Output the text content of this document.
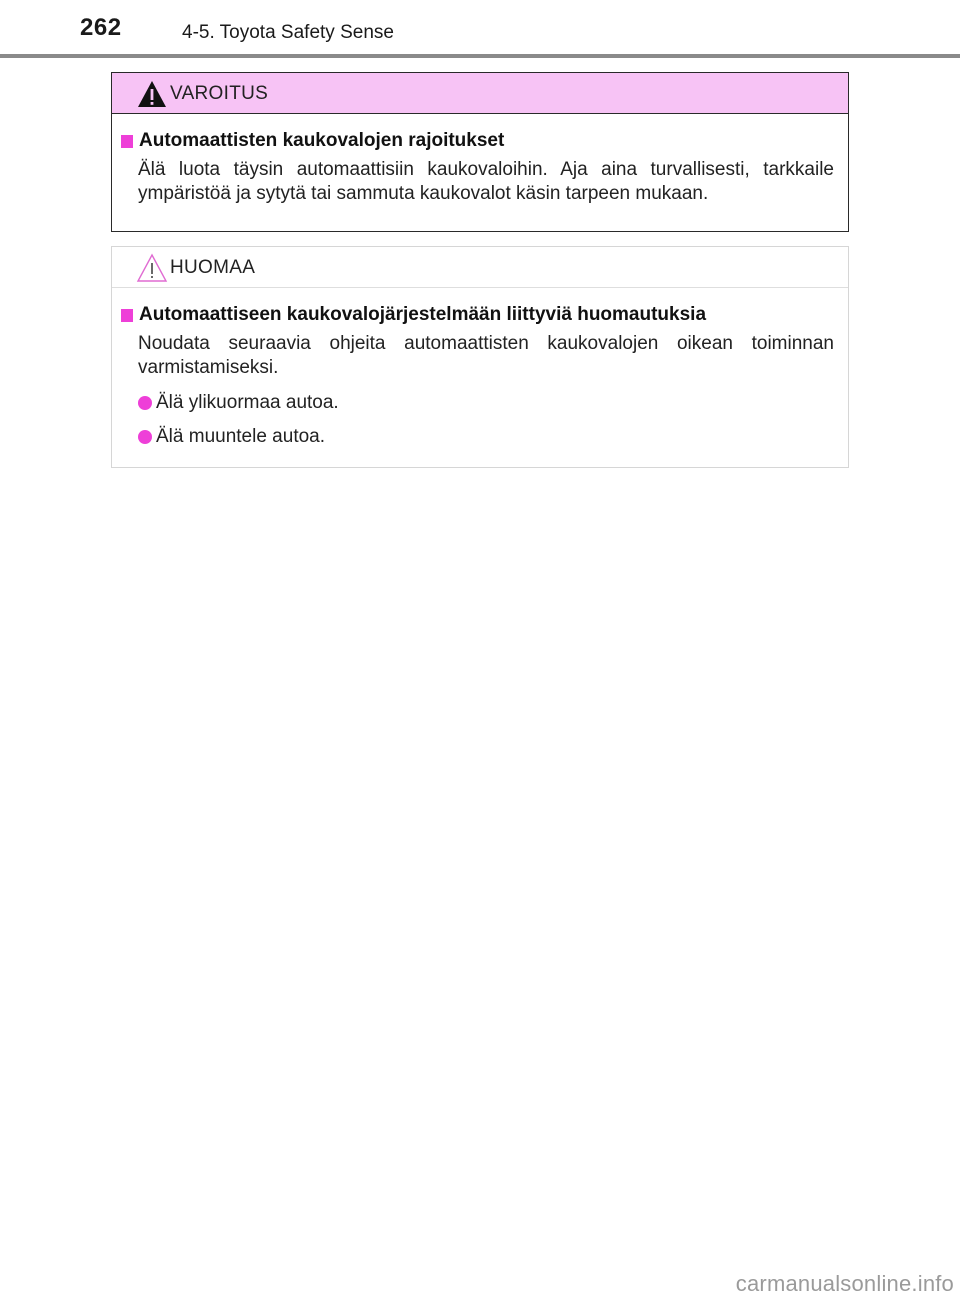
262	4-5. Toyota Safety Sense
VAROITUS
Automaattisten kaukovalojen rajoitukset

Älä luota täysin automaattisiin kaukovaloihin. Aja aina turvallisesti, tarkkaile ympäristöä ja sytytä tai sammuta kaukovalot käsin tarpeen mukaan.

HUOMAA
Automaattiseen kaukovalojärjestelmään liittyviä huomautuksia

Noudata seuraavia ohjeita automaattisten kaukovalojen oikean toiminnan varmistamiseksi.

Älä ylikuormaa autoa.
Älä muuntele autoa.
carmanualsonline.info
